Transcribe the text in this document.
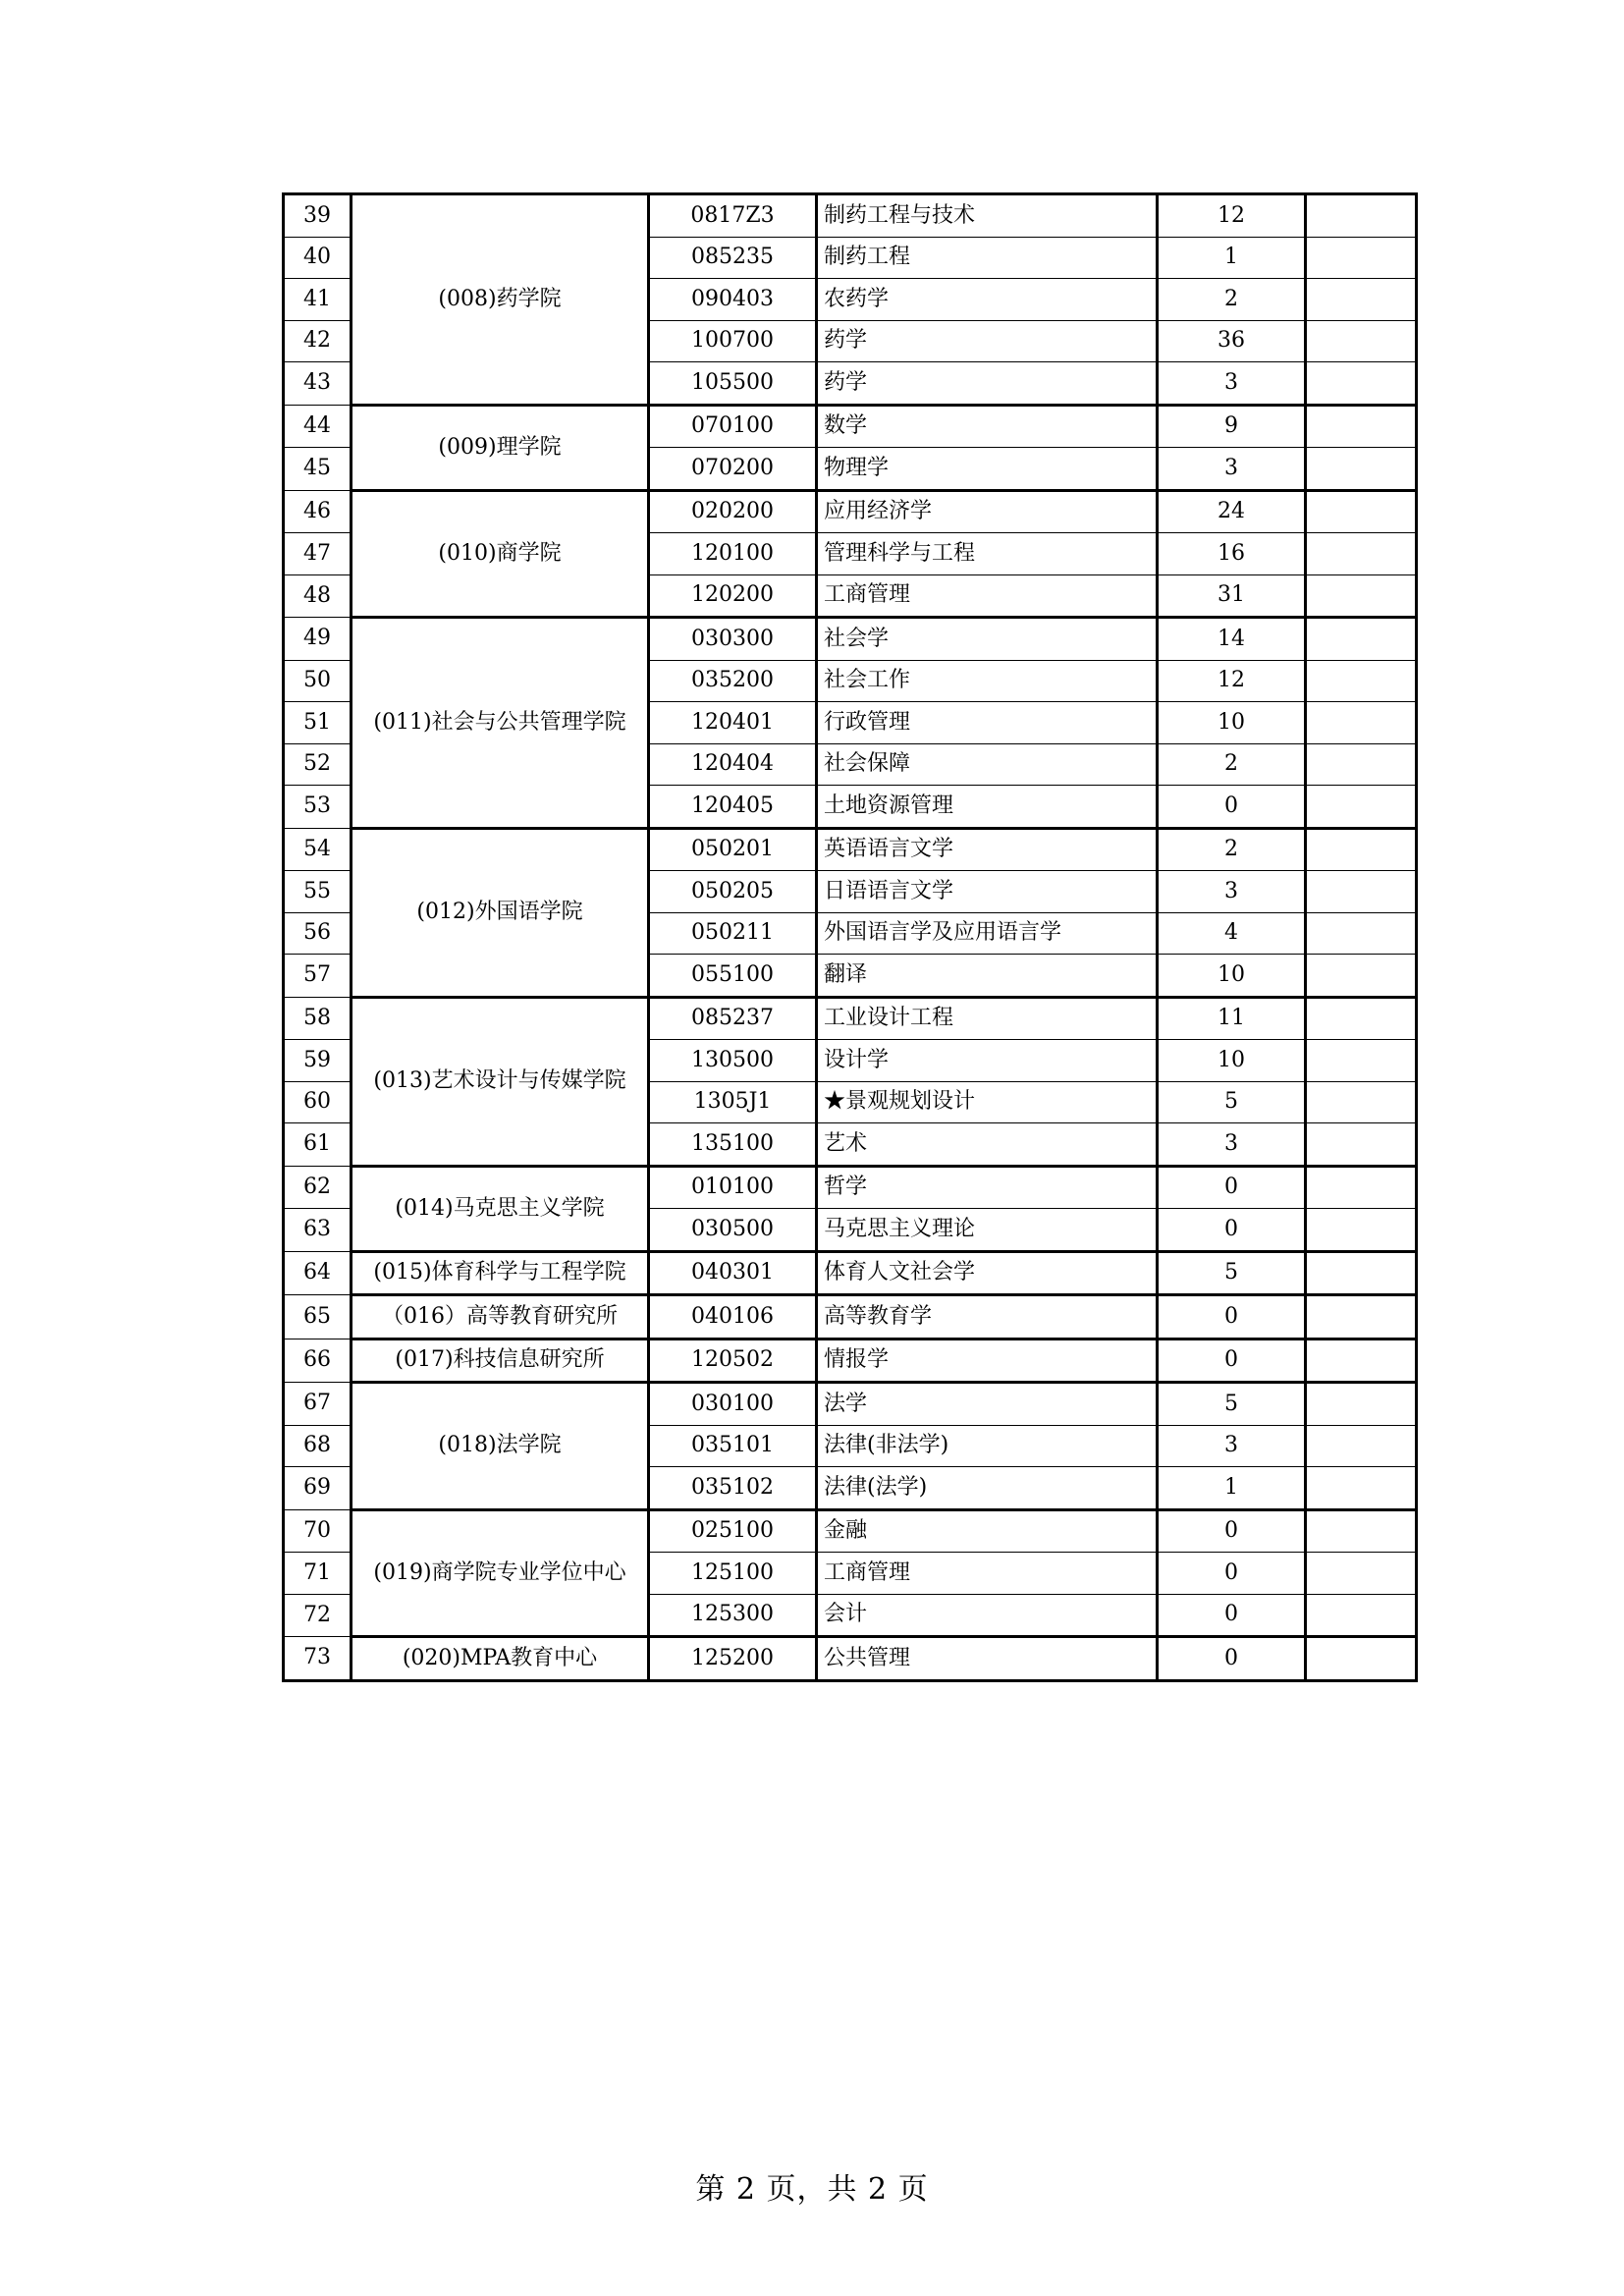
39	(008)药学院	0817Z3	制药工程与技术	12	
40		085235	制药工程	1	
41		090403	农药学	2	
42		100700	药学	36	
43		105500	药学	3	
44	(009)理学院	070100	数学	9	
45		070200	物理学	3	
46	(010)商学院	020200	应用经济学	24	
47		120100	管理科学与工程	16	
48		120200	工商管理	31	
49	(011)社会与公共管理学院	030300	社会学	14	
50		035200	社会工作	12	
51		120401	行政管理	10	
52		120404	社会保障	2	
53		120405	土地资源管理	0	
54	(012)外国语学院	050201	英语语言文学	2	
55		050205	日语语言文学	3	
56		050211	外国语言学及应用语言学	4	
57		055100	翻译	10	
58	(013)艺术设计与传媒学院	085237	工业设计工程	11	
59		130500	设计学	10	
60		1305J1	★景观规划设计	5	
61		135100	艺术	3	
62	(014)马克思主义学院	010100	哲学	0	
63		030500	马克思主义理论	0	
64	(015)体育科学与工程学院	040301	体育人文社会学	5	
65	（016）高等教育研究所	040106	高等教育学	0	
66	(017)科技信息研究所	120502	情报学	0	
67	(018)法学院	030100	法学	5	
68		035101	法律(非法学)	3	
69		035102	法律(法学)	1	
70	(019)商学院专业学位中心	025100	金融	0	
71		125100	工商管理	0	
72		125300	会计	0	
73	(020)MPA教育中心	125200	公共管理	0	
第 2 页，共 2 页
